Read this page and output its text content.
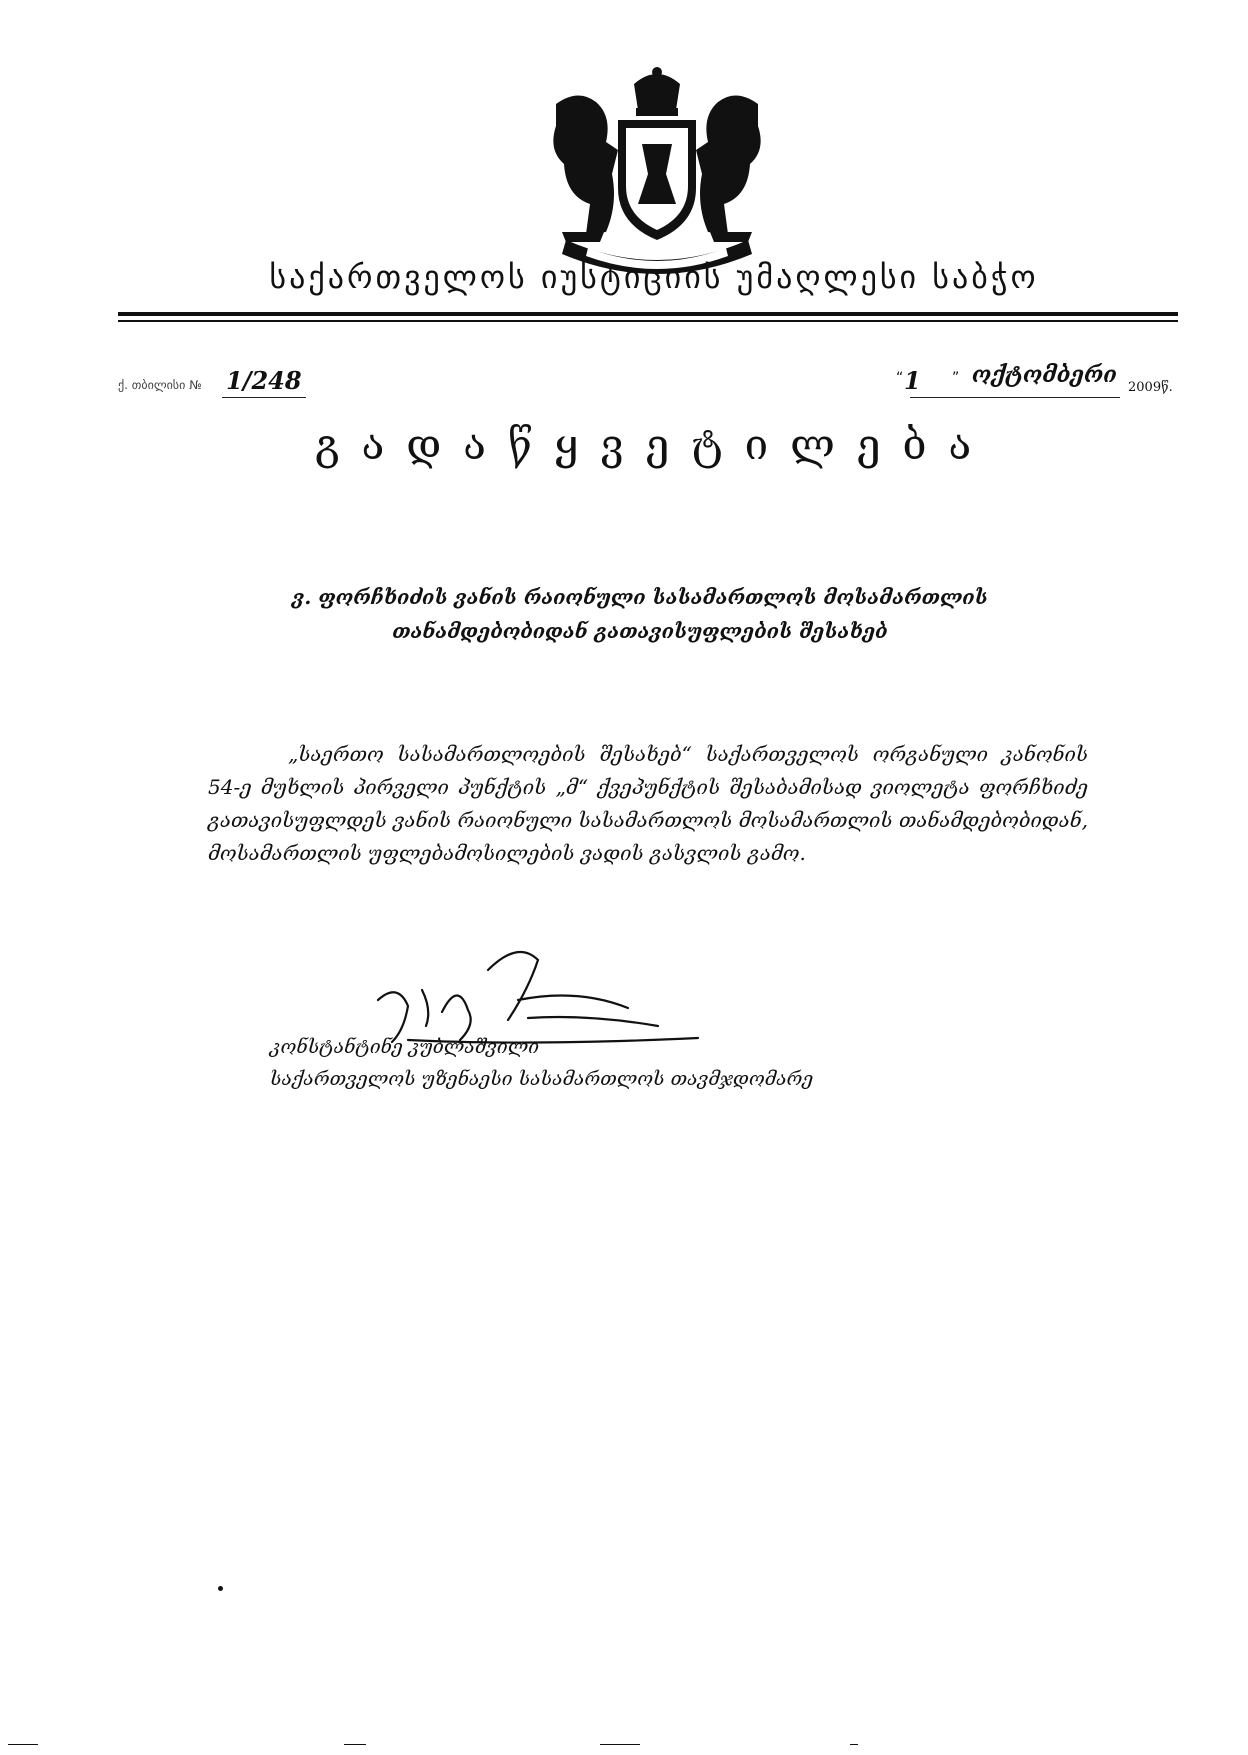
საქართველოს იუსტიციის უმაღლესი საბჭო
ქ. თბილისი № 1/248	“ 1 ” ოქტომბერი 2009წ.
გადაწყვეტილება
ვ. ფორჩხიძის ვანის რაიონული სასამართლოს მოსამართლის
თანამდებობიდან გათავისუფლების შესახებ
„საერთო სასამართლოების შესახებ“ საქართველოს ორგანული კანონის 54-ე მუხლის პირველი პუნქტის „მ“ ქვეპუნქტის შესაბამისად ვიოლეტა ფორჩხიძე გათავისუფლდეს ვანის რაიონული სასამართლოს მოსამართლის თანამდებობიდან, მოსამართლის უფლებამოსილების ვადის გასვლის გამო.
კონსტანტინე კუბლაშვილი
საქართველოს უზენაესი სასამართლოს თავმჯდომარე
